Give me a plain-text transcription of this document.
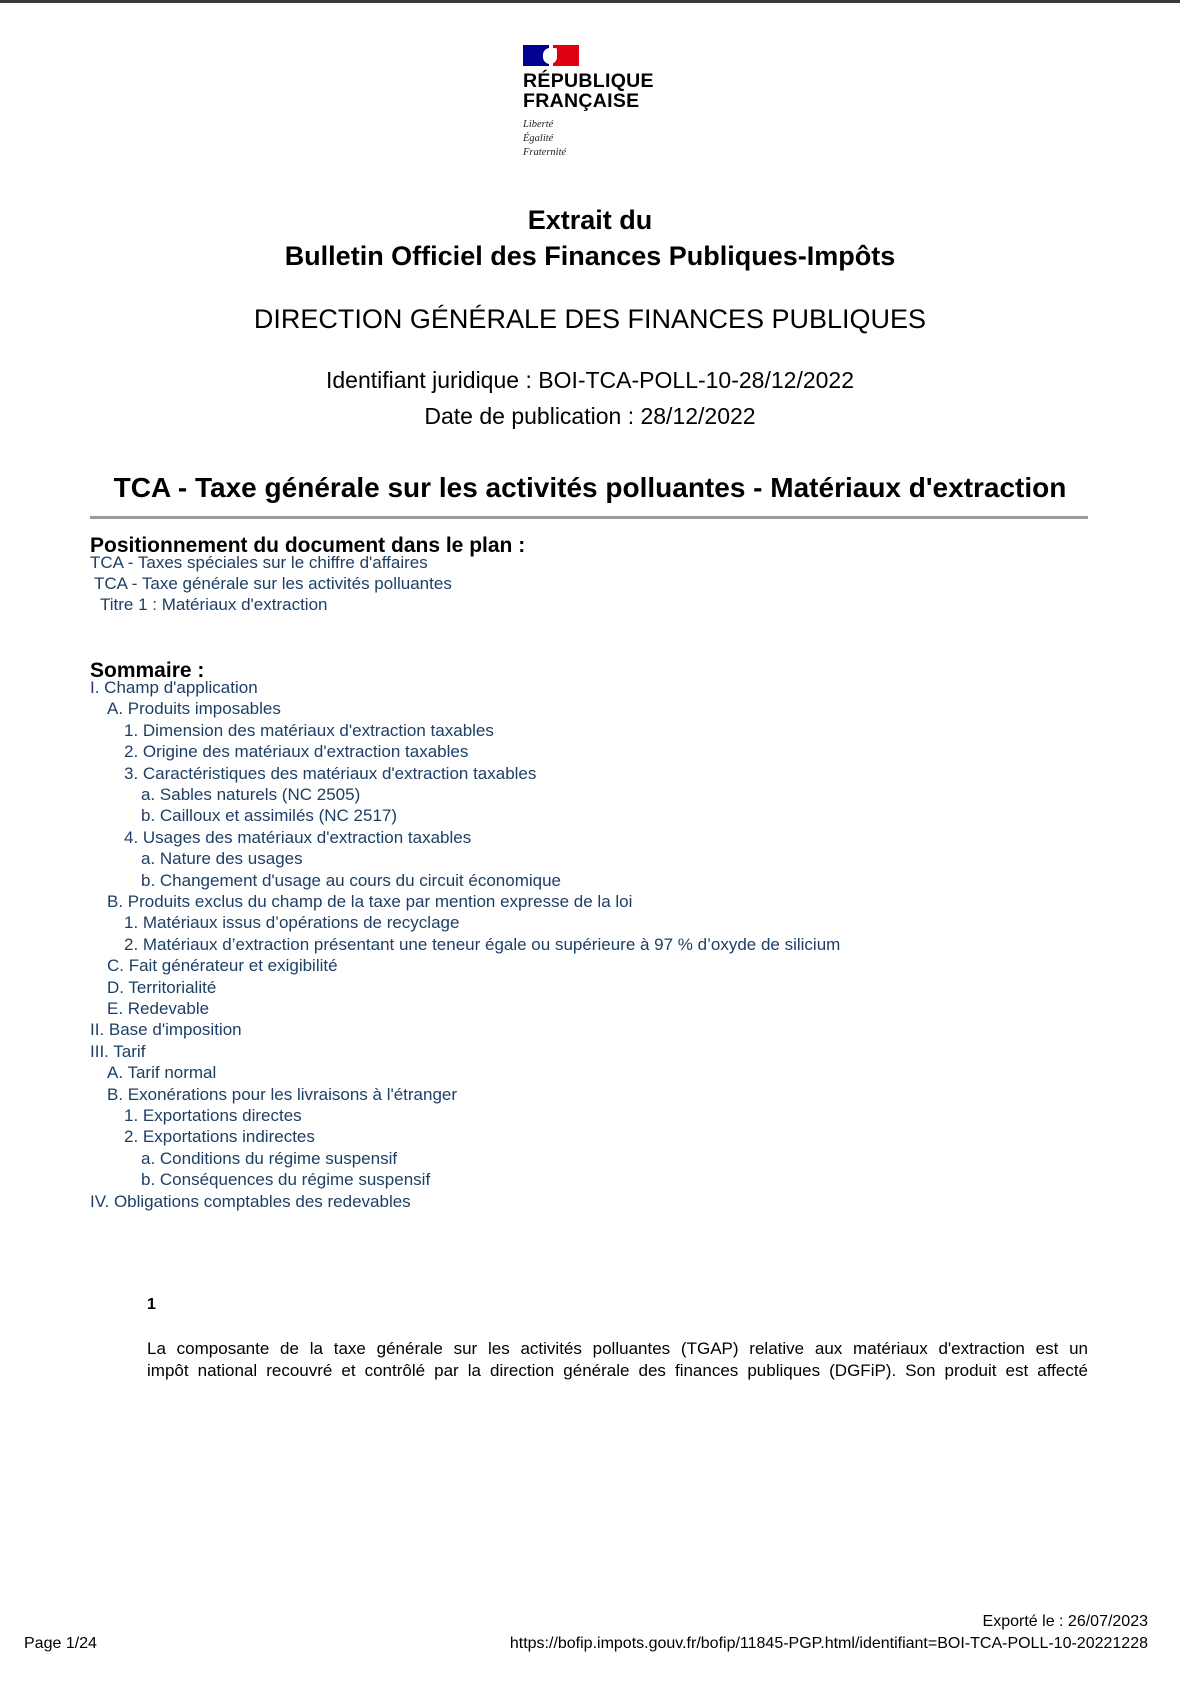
RÉPUBLIQUE
FRANÇAISE
Liberté
Égalité
Fraternité
Extrait du
Bulletin Officiel des Finances Publiques-Impôts
DIRECTION GÉNÉRALE DES FINANCES PUBLIQUES
Identifiant juridique : BOI-TCA-POLL-10-28/12/2022
Date de publication : 28/12/2022
TCA - Taxe générale sur les activités polluantes - Matériaux d'extraction
Positionnement du document dans le plan :
TCA - Taxes spéciales sur le chiffre d'affaires
TCA - Taxe générale sur les activités polluantes
Titre 1 : Matériaux d'extraction
Sommaire :
I. Champ d'application
A. Produits imposables
1. Dimension des matériaux d'extraction taxables
2. Origine des matériaux d'extraction taxables
3. Caractéristiques des matériaux d'extraction taxables
a. Sables naturels (NC 2505)
b. Cailloux et assimilés (NC 2517)
4. Usages des matériaux d'extraction taxables
a. Nature des usages
b. Changement d'usage au cours du circuit économique
B. Produits exclus du champ de la taxe par mention expresse de la loi
1. Matériaux issus d’opérations de recyclage
2. Matériaux d’extraction présentant une teneur égale ou supérieure à 97 % d’oxyde de silicium
C. Fait générateur et exigibilité
D. Territorialité
E. Redevable
II. Base d'imposition
III. Tarif
A. Tarif normal
B. Exonérations pour les livraisons à l'étranger
1. Exportations directes
2. Exportations indirectes
a. Conditions du régime suspensif
b. Conséquences du régime suspensif
IV. Obligations comptables des redevables
1
La composante de la taxe générale sur les activités polluantes (TGAP) relative aux matériaux d'extraction est un
impôt national recouvré et contrôlé par la direction générale des finances publiques (DGFiP). Son produit est affecté
Exporté le : 26/07/2023
https://bofip.impots.gouv.fr/bofip/11845-PGP.html/identifiant=BOI-TCA-POLL-10-20221228
Page 1/24
